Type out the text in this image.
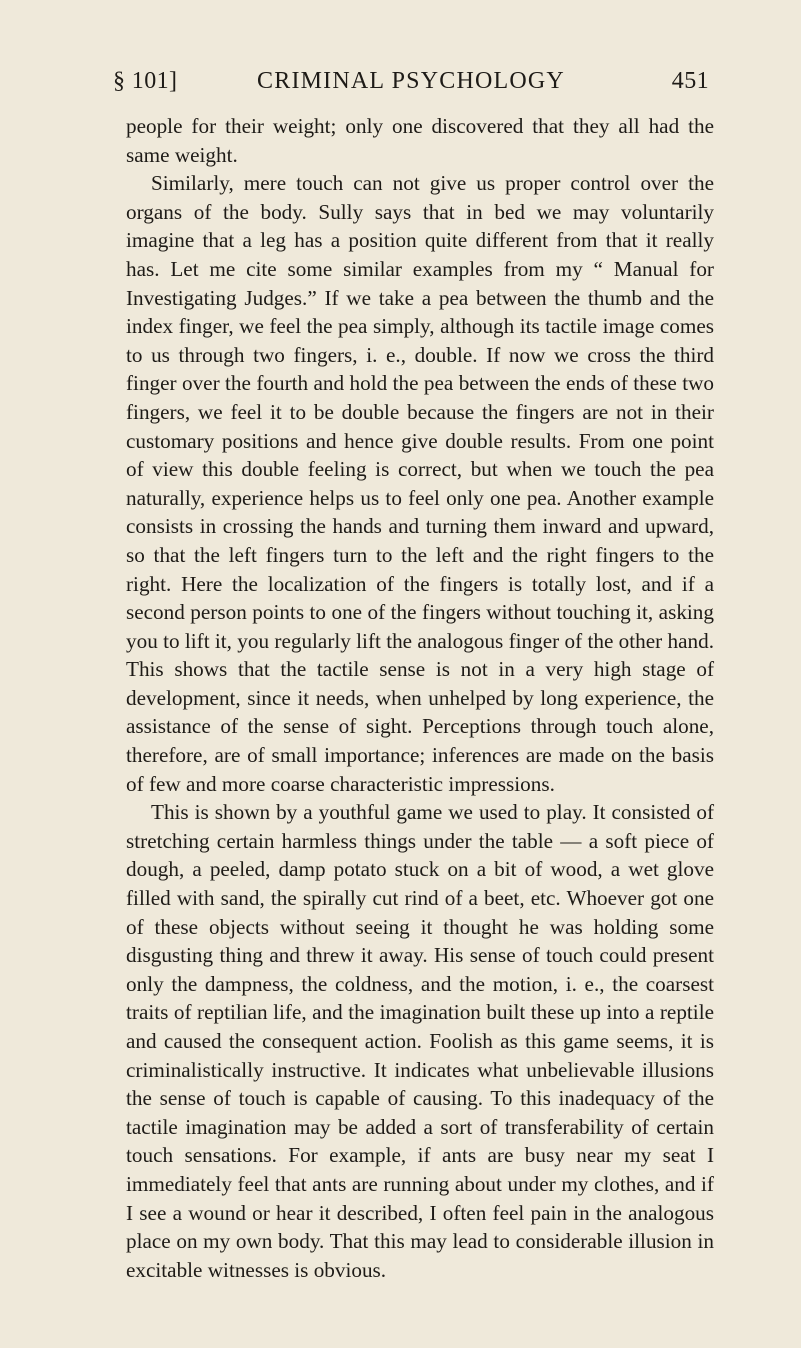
§ 101]	CRIMINAL PSYCHOLOGY	451

people for their weight; only one discovered that they all had the same weight.

Similarly, mere touch can not give us proper control over the organs of the body. Sully says that in bed we may voluntarily imagine that a leg has a position quite different from that it really has. Let me cite some similar examples from my “ Manual for Investigating Judges.” If we take a pea between the thumb and the index finger, we feel the pea simply, although its tactile image comes to us through two fingers, i. e., double. If now we cross the third finger over the fourth and hold the pea between the ends of these two fingers, we feel it to be double because the fingers are not in their customary positions and hence give double results. From one point of view this double feeling is correct, but when we touch the pea naturally, experience helps us to feel only one pea. Another example consists in crossing the hands and turning them inward and upward, so that the left fingers turn to the left and the right fingers to the right. Here the localization of the fingers is totally lost, and if a second person points to one of the fingers without touching it, asking you to lift it, you regularly lift the analogous finger of the other hand. This shows that the tactile sense is not in a very high stage of development, since it needs, when unhelped by long experience, the assistance of the sense of sight. Perceptions through touch alone, therefore, are of small importance; inferences are made on the basis of few and more coarse characteristic impressions.

This is shown by a youthful game we used to play. It consisted of stretching certain harmless things under the table — a soft piece of dough, a peeled, damp potato stuck on a bit of wood, a wet glove filled with sand, the spirally cut rind of a beet, etc. Whoever got one of these objects without seeing it thought he was holding some disgusting thing and threw it away. His sense of touch could present only the dampness, the coldness, and the motion, i. e., the coarsest traits of reptilian life, and the imagination built these up into a reptile and caused the consequent action. Foolish as this game seems, it is criminalistically instructive. It indicates what unbelievable illusions the sense of touch is capable of causing. To this inadequacy of the tactile imagination may be added a sort of transferability of certain touch sensations. For example, if ants are busy near my seat I immediately feel that ants are running about under my clothes, and if I see a wound or hear it described, I often feel pain in the analogous place on my own body. That this may lead to considerable illusion in excitable witnesses is obvious.
